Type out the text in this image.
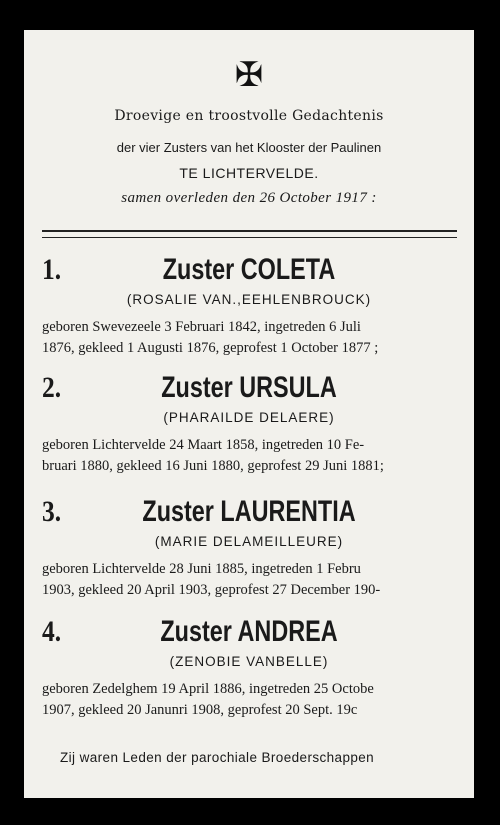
✠
Droevige en troostvolle Gedachtenis
der vier Zusters van het Klooster der Paulinen
TE LICHTERVELDE.
samen overleden den 26 October 1917 :
1.	Zuster COLETA
(ROSALIE VAN.,EEHLENBROUCK)
geboren Swevezeele 3 Februari 1842, ingetreden 6 Juli
1876, gekleed 1 Augusti 1876, geprofest 1 October 1877 ;
2.	Zuster URSULA
(PHARAILDE DELAERE)
geboren Lichtervelde 24 Maart 1858, ingetreden 10 Fe-
bruari 1880, gekleed 16 Juni 1880, geprofest 29 Juni 1881;
3.	Zuster LAURENTIA
(MARIE DELAMEILLEURE)
geboren Lichtervelde 28 Juni 1885, ingetreden 1 Febru
1903, gekleed 20 April 1903, geprofest 27 December 190-
4.	Zuster ANDREA
(ZENOBIE VANBELLE)
geboren Zedelghem 19 April 1886, ingetreden 25 Octobe
1907, gekleed 20 Janunri 1908, geprofest 20 Sept. 19c
Zij waren Leden der parochiale Broederschappen
